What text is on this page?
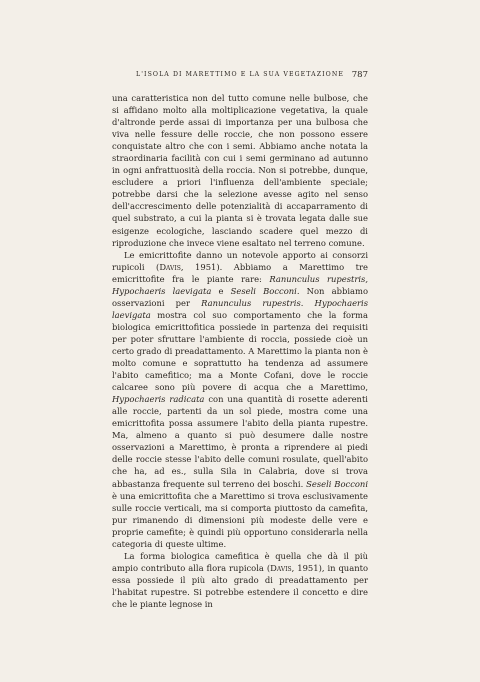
L'ISOLA DI MARETTIMO E LA SUA VEGETAZIONE 787

una caratteristica non del tutto comune nelle bulbose, che si affidano molto alla moltiplicazione vegetativa, la quale d'altronde perde assai di importanza per una bulbosa che viva nelle fessure delle roccie, che non possono essere conquistate altro che con i semi. Abbiamo anche notata la straordinaria facilità con cui i semi germinano ad autunno in ogni anfrattuosità della roccia. Non si potrebbe, dunque, escludere a priori l'influenza dell'ambiente speciale; potrebbe darsi che la selezione avesse agito nel senso dell'accrescimento delle potenzialità di accaparramento di quel substrato, a cui la pianta si è trovata legata dalle sue esigenze ecologiche, lasciando scadere quel mezzo di riproduzione che invece viene esaltato nel terreno comune.

Le emicrittofite danno un notevole apporto ai consorzi rupicoli (Davis, 1951). Abbiamo a Marettimo tre emicrittofite fra le piante rare: Ranunculus rupestris, Hypochaeris laevigata e Seseli Bocconi. Non abbiamo osservazioni per Ranunculus rupestris. Hypochaeris laevigata mostra col suo comportamento che la forma biologica emicrittofitica possiede in partenza dei requisiti per poter sfruttare l'ambiente di roccia, possiede cioè un certo grado di preadattamento. A Marettimo la pianta non è molto comune e soprattutto ha tendenza ad assumere l'abito camefitico; ma a Monte Cofani, dove le roccie calcaree sono più povere di acqua che a Marettimo, Hypochaeris radicata con una quantità di rosette aderenti alle roccie, partenti da un sol piede, mostra come una emicrittofita possa assumere l'abito della pianta rupestre. Ma, almeno a quanto si può desumere dalle nostre osservazioni a Marettimo, è pronta a riprendere ai piedi delle roccie stesse l'abito delle comuni rosulate, quell'abito che ha, ad es., sulla Sila in Calabria, dove si trova abbastanza frequente sul terreno dei boschi. Seseli Bocconi è una emicrittofita che a Marettimo si trova esclusivamente sulle roccie verticali, ma si comporta piuttosto da camefita, pur rimanendo di dimensioni più modeste delle vere e proprie camefite; è quindi più opportuno considerarla nella categoria di queste ultime.

La forma biologica camefitica è quella che dà il più ampio contributo alla flora rupicola (Davis, 1951), in quanto essa possiede il più alto grado di preadattamento per l'habitat rupestre. Si potrebbe estendere il concetto e dire che le piante legnose in
